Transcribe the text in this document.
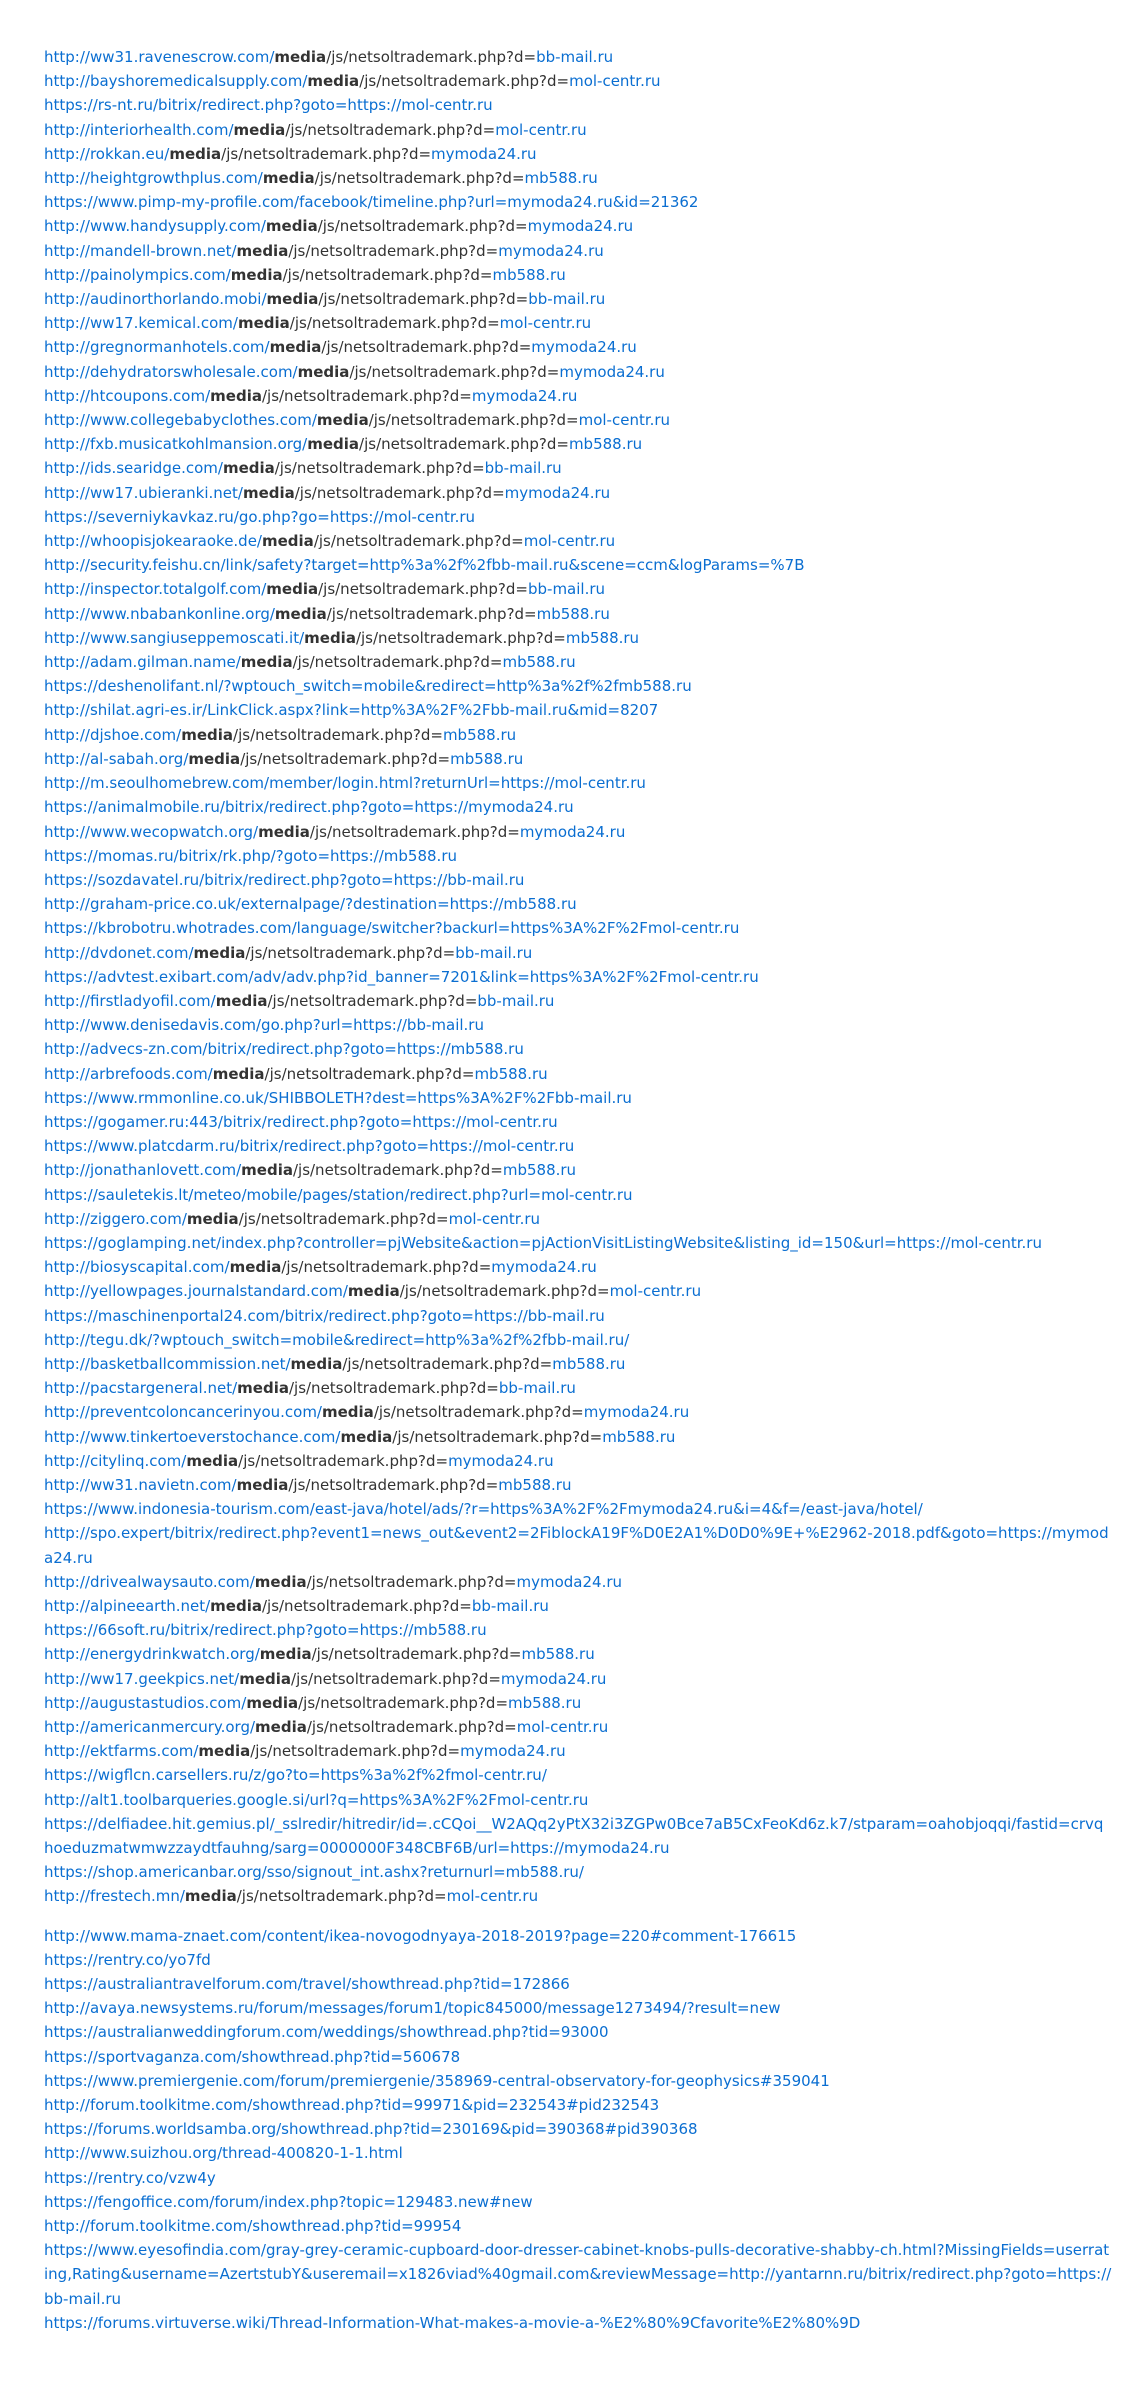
http://ww31.ravenescrow.com/media/js/netsoltrademark.php?d=bb-mail.ru
http://bayshoremedicalsupply.com/media/js/netsoltrademark.php?d=mol-centr.ru
https://rs-nt.ru/bitrix/redirect.php?goto=https://mol-centr.ru
http://interiorhealth.com/media/js/netsoltrademark.php?d=mol-centr.ru
http://rokkan.eu/media/js/netsoltrademark.php?d=mymoda24.ru
http://heightgrowthplus.com/media/js/netsoltrademark.php?d=mb588.ru
https://www.pimp-my-profile.com/facebook/timeline.php?url=mymoda24.ru&id=21362
http://www.handysupply.com/media/js/netsoltrademark.php?d=mymoda24.ru
http://mandell-brown.net/media/js/netsoltrademark.php?d=mymoda24.ru
http://painolympics.com/media/js/netsoltrademark.php?d=mb588.ru
http://audinorthorlando.mobi/media/js/netsoltrademark.php?d=bb-mail.ru
http://ww17.kemical.com/media/js/netsoltrademark.php?d=mol-centr.ru
http://gregnormanhotels.com/media/js/netsoltrademark.php?d=mymoda24.ru
http://dehydratorswholesale.com/media/js/netsoltrademark.php?d=mymoda24.ru
http://htcoupons.com/media/js/netsoltrademark.php?d=mymoda24.ru
http://www.collegebabyclothes.com/media/js/netsoltrademark.php?d=mol-centr.ru
http://fxb.musicatkohlmansion.org/media/js/netsoltrademark.php?d=mb588.ru
http://ids.searidge.com/media/js/netsoltrademark.php?d=bb-mail.ru
http://ww17.ubieranki.net/media/js/netsoltrademark.php?d=mymoda24.ru
https://severniykavkaz.ru/go.php?go=https://mol-centr.ru
http://whoopisjokearaoke.de/media/js/netsoltrademark.php?d=mol-centr.ru
http://security.feishu.cn/link/safety?target=http%3a%2f%2fbb-mail.ru&scene=ccm&logParams=%7B
http://inspector.totalgolf.com/media/js/netsoltrademark.php?d=bb-mail.ru
http://www.nbabankonline.org/media/js/netsoltrademark.php?d=mb588.ru
http://www.sangiuseppemoscati.it/media/js/netsoltrademark.php?d=mb588.ru
http://adam.gilman.name/media/js/netsoltrademark.php?d=mb588.ru
https://deshenolifant.nl/?wptouch_switch=mobile&redirect=http%3a%2f%2fmb588.ru
http://shilat.agri-es.ir/LinkClick.aspx?link=http%3A%2F%2Fbb-mail.ru&mid=8207
http://djshoe.com/media/js/netsoltrademark.php?d=mb588.ru
http://al-sabah.org/media/js/netsoltrademark.php?d=mb588.ru
http://m.seoulhomebrew.com/member/login.html?returnUrl=https://mol-centr.ru
https://animalmobile.ru/bitrix/redirect.php?goto=https://mymoda24.ru
http://www.wecopwatch.org/media/js/netsoltrademark.php?d=mymoda24.ru
https://momas.ru/bitrix/rk.php/?goto=https://mb588.ru
https://sozdavatel.ru/bitrix/redirect.php?goto=https://bb-mail.ru
http://graham-price.co.uk/externalpage/?destination=https://mb588.ru
https://kbrobotru.whotrades.com/language/switcher?backurl=https%3A%2F%2Fmol-centr.ru
http://dvdonet.com/media/js/netsoltrademark.php?d=bb-mail.ru
https://advtest.exibart.com/adv/adv.php?id_banner=7201&link=https%3A%2F%2Fmol-centr.ru
http://firstladyofil.com/media/js/netsoltrademark.php?d=bb-mail.ru
http://www.denisedavis.com/go.php?url=https://bb-mail.ru
http://advecs-zn.com/bitrix/redirect.php?goto=https://mb588.ru
http://arbrefoods.com/media/js/netsoltrademark.php?d=mb588.ru
https://www.rmmonline.co.uk/SHIBBOLETH?dest=https%3A%2F%2Fbb-mail.ru
https://gogamer.ru:443/bitrix/redirect.php?goto=https://mol-centr.ru
https://www.platcdarm.ru/bitrix/redirect.php?goto=https://mol-centr.ru
http://jonathanlovett.com/media/js/netsoltrademark.php?d=mb588.ru
https://sauletekis.lt/meteo/mobile/pages/station/redirect.php?url=mol-centr.ru
http://ziggero.com/media/js/netsoltrademark.php?d=mol-centr.ru
https://goglamping.net/index.php?controller=pjWebsite&action=pjActionVisitListingWebsite&listing_id=150&url=https://mol-centr.ru
http://biosyscapital.com/media/js/netsoltrademark.php?d=mymoda24.ru
http://yellowpages.journalstandard.com/media/js/netsoltrademark.php?d=mol-centr.ru
https://maschinenportal24.com/bitrix/redirect.php?goto=https://bb-mail.ru
http://tegu.dk/?wptouch_switch=mobile&redirect=http%3a%2f%2fbb-mail.ru/
http://basketballcommission.net/media/js/netsoltrademark.php?d=mb588.ru
http://pacstargeneral.net/media/js/netsoltrademark.php?d=bb-mail.ru
http://preventcoloncancerinyou.com/media/js/netsoltrademark.php?d=mymoda24.ru
http://www.tinkertoeverstochance.com/media/js/netsoltrademark.php?d=mb588.ru
http://citylinq.com/media/js/netsoltrademark.php?d=mymoda24.ru
http://ww31.navietn.com/media/js/netsoltrademark.php?d=mb588.ru
https://www.indonesia-tourism.com/east-java/hotel/ads/?r=https%3A%2F%2Fmymoda24.ru&i=4&f=/east-java/hotel/
http://spo.expert/bitrix/redirect.php?event1=news_out&event2=2FiblockA19F%D0E2A1%D0D0%9E+%E2962-2018.pdf&goto=https://mymoda24.ru
http://drivealwaysauto.com/media/js/netsoltrademark.php?d=mymoda24.ru
http://alpineearth.net/media/js/netsoltrademark.php?d=bb-mail.ru
https://66soft.ru/bitrix/redirect.php?goto=https://mb588.ru
http://energydrinkwatch.org/media/js/netsoltrademark.php?d=mb588.ru
http://ww17.geekpics.net/media/js/netsoltrademark.php?d=mymoda24.ru
http://augustastudios.com/media/js/netsoltrademark.php?d=mb588.ru
http://americanmercury.org/media/js/netsoltrademark.php?d=mol-centr.ru
http://ektfarms.com/media/js/netsoltrademark.php?d=mymoda24.ru
https://wigflcn.carsellers.ru/z/go?to=https%3a%2f%2fmol-centr.ru/
http://alt1.toolbarqueries.google.si/url?q=https%3A%2F%2Fmol-centr.ru
https://delfiadee.hit.gemius.pl/_sslredir/hitredir/id=.cCQoi__W2AQq2yPtX32i3ZGPw0Bce7aB5CxFeoKd6z.k7/stparam=oahobjoqqi/fastid=crvqhoeduzmatwmwzzaydtfauhng/sarg=0000000F348CBF6B/url=https://mymoda24.ru
https://shop.americanbar.org/sso/signout_int.ashx?returnurl=mb588.ru/
http://frestech.mn/media/js/netsoltrademark.php?d=mol-centr.ru
http://www.mama-znaet.com/content/ikea-novogodnyaya-2018-2019?page=220#comment-176615
https://rentry.co/yo7fd
https://australiantravelforum.com/travel/showthread.php?tid=172866
http://avaya.newsystems.ru/forum/messages/forum1/topic845000/message1273494/?result=new
https://australianweddingforum.com/weddings/showthread.php?tid=93000
https://sportvaganza.com/showthread.php?tid=560678
https://www.premiergenie.com/forum/premiergenie/358969-central-observatory-for-geophysics#359041
http://forum.toolkitme.com/showthread.php?tid=99971&pid=232543#pid232543
https://forums.worldsamba.org/showthread.php?tid=230169&pid=390368#pid390368
http://www.suizhou.org/thread-400820-1-1.html
https://rentry.co/vzw4y
https://fengoffice.com/forum/index.php?topic=129483.new#new
http://forum.toolkitme.com/showthread.php?tid=99954
https://www.eyesofindia.com/gray-grey-ceramic-cupboard-door-dresser-cabinet-knobs-pulls-decorative-shabby-ch.html?MissingFields=userrating,Rating&username=AzertstubY&useremail=x1826viad%40gmail.com&reviewMessage=http://yantarnn.ru/bitrix/redirect.php?goto=https://bb-mail.ru
https://forums.virtuverse.wiki/Thread-Information-What-makes-a-movie-a-%E2%80%9Cfavorite%E2%80%9D
